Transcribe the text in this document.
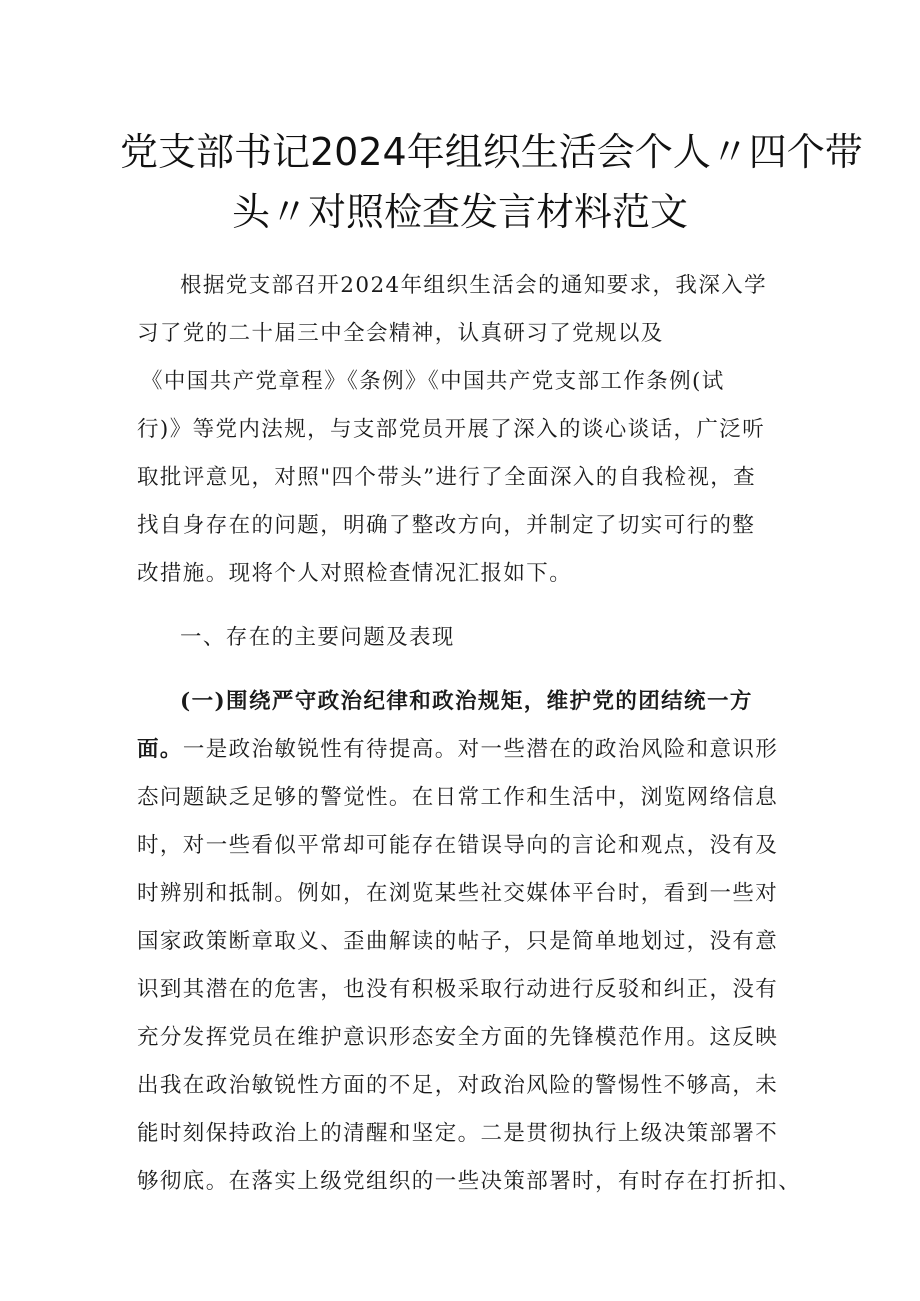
党支部书记2024年组织生活会个人〃四个带
头〃对照检查发言材料范文
根据党支部召开2024年组织生活会的通知要求，我深入学
习了党的二十届三中全会精神，认真研习了党规以及
《中国共产党章程》《条例》《中国共产党支部工作条例(试
行)》等党内法规，与支部党员开展了深入的谈心谈话，广泛听
取批评意见，对照"四个带头”进行了全面深入的自我检视，查
找自身存在的问题，明确了整改方向，并制定了切实可行的整
改措施。现将个人对照检查情况汇报如下。
一、存在的主要问题及表现
(一)围绕严守政治纪律和政治规矩，维护党的团结统一方
面。一是政治敏锐性有待提高。对一些潜在的政治风险和意识形
态问题缺乏足够的警觉性。在日常工作和生活中，浏览网络信息
时，对一些看似平常却可能存在错误导向的言论和观点，没有及
时辨别和抵制。例如，在浏览某些社交媒体平台时，看到一些对
国家政策断章取义、歪曲解读的帖子，只是简单地划过，没有意
识到其潜在的危害，也没有积极采取行动进行反驳和纠正，没有
充分发挥党员在维护意识形态安全方面的先锋模范作用。这反映
出我在政治敏锐性方面的不足，对政治风险的警惕性不够高，未
能时刻保持政治上的清醒和坚定。二是贯彻执行上级决策部署不
够彻底。在落实上级党组织的一些决策部署时，有时存在打折扣、
